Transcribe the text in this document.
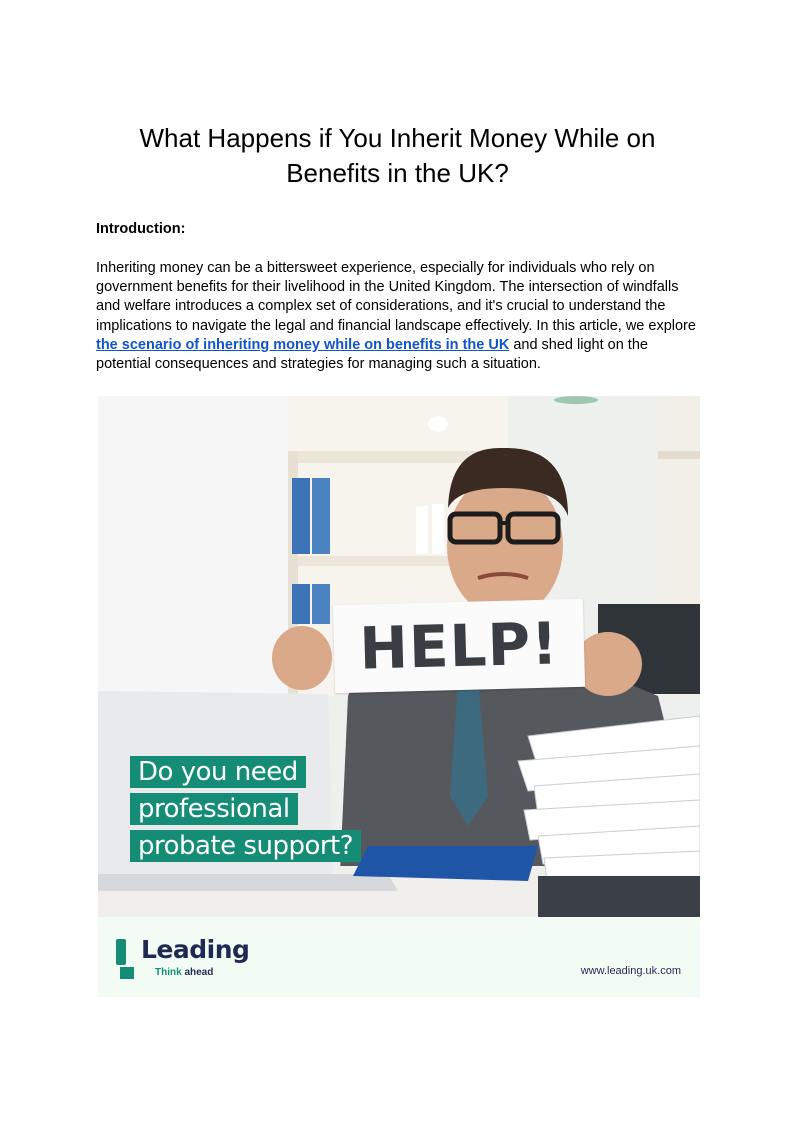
What Happens if You Inherit Money While on
Benefits in the UK?

Introduction:

Inheriting money can be a bittersweet experience, especially for individuals who rely on government benefits for their livelihood in the United Kingdom. The intersection of windfalls and welfare introduces a complex set of considerations, and it's crucial to understand the implications to navigate the legal and financial landscape effectively. In this article, we explore the scenario of inheriting money while on benefits in the UK and shed light on the potential consequences and strategies for managing such a situation.

HELP!
Do you need
professional
probate support?
Leading
Think ahead	www.leading.uk.com
